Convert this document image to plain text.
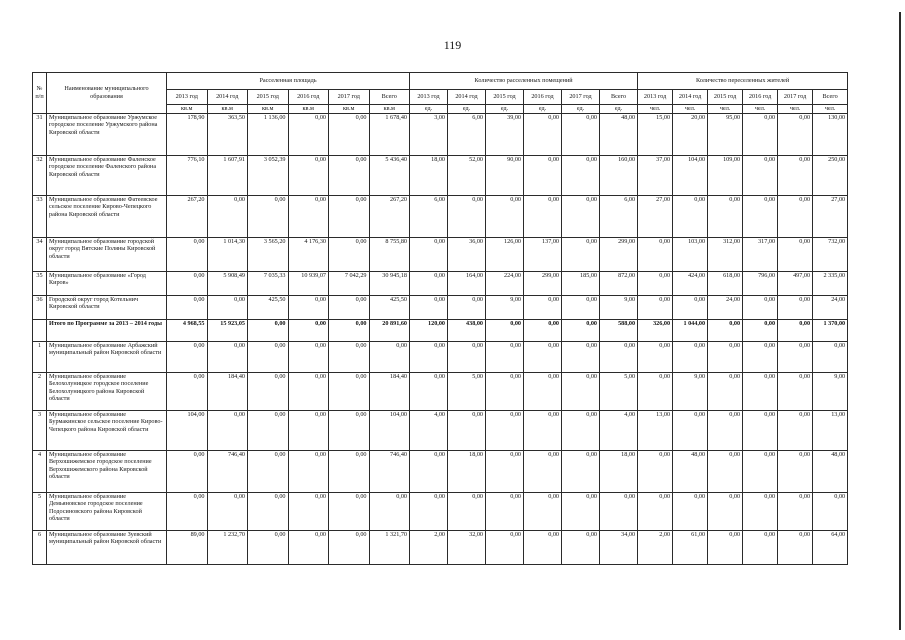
119
№ п/п	Наименование муниципального образования	Расселенная площадь						Количество расселенных помещений						Количество переселенных жителей					
		2013 год	2014 год	2015 год	2016 год	2017 год	Всего	2013 год	2014 год	2015 год	2016 год	2017 год	Всего	2013 год	2014 год	2015 год	2016 год	2017 год	Всего
		кв.м	кв.м	кв.м	кв.м	кв.м	кв.м	ед.	ед.	ед.	ед.	ед.	ед.	чел.	чел.	чел.	чел.	чел.	чел.
31	Муниципальное образование Уржумское городское поселение Уржумского района Кировской области	178,90	363,50	1 136,00	0,00	0,00	1 678,40	3,00	6,00	39,00	0,00	0,00	48,00	15,00	20,00	95,00	0,00	0,00	130,00
32	Муниципальное образование Фаленское городское поселение Фаленского района Кировской области	776,10	1 607,91	3 052,39	0,00	0,00	5 436,40	18,00	52,00	90,00	0,00	0,00	160,00	37,00	104,00	109,00	0,00	0,00	250,00
33	Муниципальное образование Фатеевское сельское поселение Кирово-Чепецкого района Кировской области	267,20	0,00	0,00	0,00	0,00	267,20	6,00	0,00	0,00	0,00	0,00	6,00	27,00	0,00	0,00	0,00	0,00	27,00
34	Муниципальное образование городской округ город Вятские Поляны Кировской области	0,00	1 014,30	3 565,20	4 176,30	0,00	8 755,80	0,00	36,00	126,00	137,00	0,00	299,00	0,00	103,00	312,00	317,00	0,00	732,00
35	Муниципальное образование «Город Киров»	0,00	5 908,49	7 035,33	10 939,07	7 042,29	30 945,18	0,00	164,00	224,00	299,00	185,00	872,00	0,00	424,00	618,00	796,00	497,00	2 335,00
36	Городской округ город Котельнич Кировской области	0,00	0,00	425,50	0,00	0,00	425,50	0,00	0,00	9,00	0,00	0,00	9,00	0,00	0,00	24,00	0,00	0,00	24,00
	Итого по Программе за 2013 – 2014 годы	4 968,55	15 923,05	0,00	0,00	0,00	20 891,60	120,00	438,00	0,00	0,00	0,00	588,00	326,00	1 044,00	0,00	0,00	0,00	1 370,00
1	Муниципальное образование Арбажский муниципальный район Кировской области	0,00	0,00	0,00	0,00	0,00	0,00	0,00	0,00	0,00	0,00	0,00	0,00	0,00	0,00	0,00	0,00	0,00	0,00
2	Муниципальное образование Белохолуницкое городское поселение Белохолуницкого района Кировской области	0,00	184,40	0,00	0,00	0,00	184,40	0,00	5,00	0,00	0,00	0,00	5,00	0,00	9,00	0,00	0,00	0,00	9,00
3	Муниципальное образование Бурмакинское сельское поселение Кирово-Чепецкого района Кировской области	104,00	0,00	0,00	0,00	0,00	104,00	4,00	0,00	0,00	0,00	0,00	4,00	13,00	0,00	0,00	0,00	0,00	13,00
4	Муниципальное образование Верхошижемское городское поселение Верхошижемского района Кировской области	0,00	746,40	0,00	0,00	0,00	746,40	0,00	18,00	0,00	0,00	0,00	18,00	0,00	48,00	0,00	0,00	0,00	48,00
5	Муниципальное образование Демьяновское городское поселение Подосиновского района Кировской области	0,00	0,00	0,00	0,00	0,00	0,00	0,00	0,00	0,00	0,00	0,00	0,00	0,00	0,00	0,00	0,00	0,00	0,00
6	Муниципальное образование Зуевский муниципальный район Кировской области	89,00	1 232,70	0,00	0,00	0,00	1 321,70	2,00	32,00	0,00	0,00	0,00	34,00	2,00	61,00	0,00	0,00	0,00	64,00
